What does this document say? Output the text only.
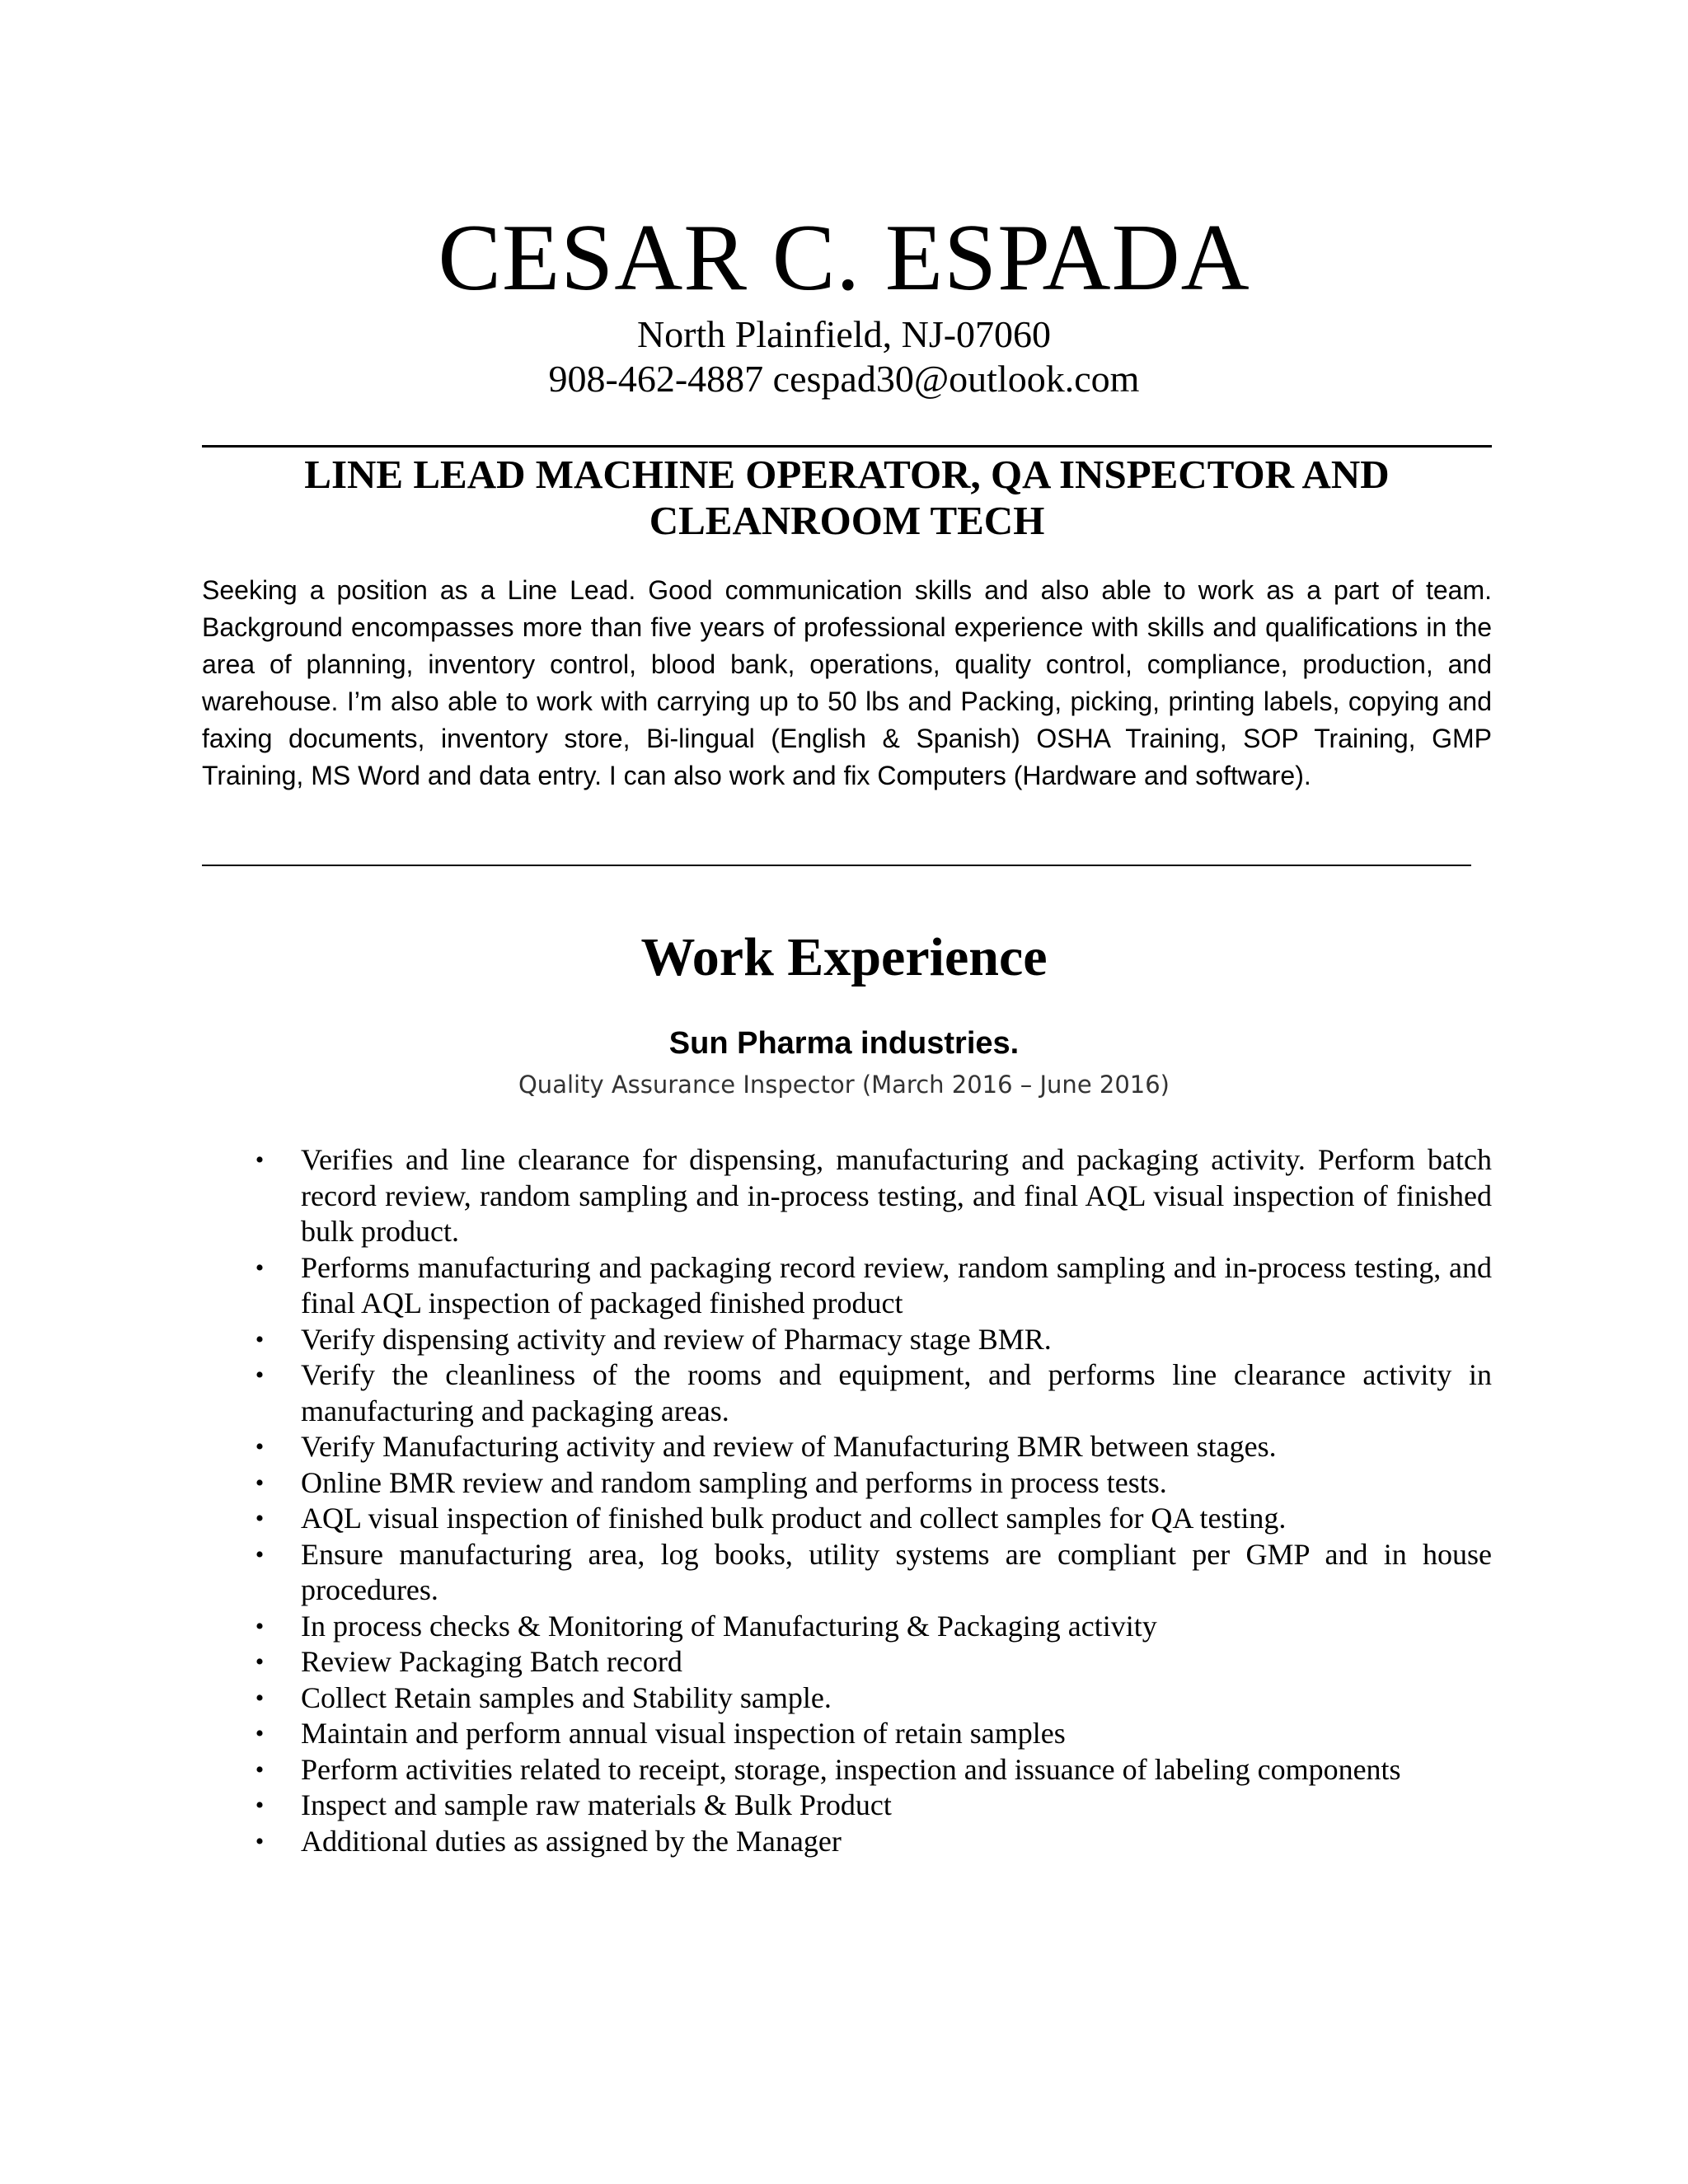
CESAR C. ESPADA

North Plainfield, NJ-07060

908-462-4887 cespad30@outlook.com

LINE LEAD MACHINE OPERATOR, QA INSPECTOR AND
CLEANROOM TECH

Seeking a position as a Line Lead. Good communication skills and also able to work as a part of team. Background encompasses more than five years of professional experience with skills and qualifications in the area of planning, inventory control, blood bank, operations, quality control, compliance, production, and warehouse. I’m also able to work with carrying up to 50 lbs and Packing, picking, printing labels, copying and faxing documents, inventory store, Bi-lingual (English & Spanish) OSHA Training, SOP Training, GMP Training, MS Word and data entry. I can also work and fix Computers (Hardware and software).

Work Experience
Sun Pharma industries.
Quality Assurance Inspector (March 2016 – June 2016)
• Verifies and line clearance for dispensing, manufacturing and packaging activity. Perform batch record review, random sampling and in-process testing, and final AQL visual inspection of finished bulk product.
• Performs manufacturing and packaging record review, random sampling and in-process testing, and final AQL inspection of packaged finished product
• Verify dispensing activity and review of Pharmacy stage BMR.
• Verify the cleanliness of the rooms and equipment, and performs line clearance activity in manufacturing and packaging areas.
• Verify Manufacturing activity and review of Manufacturing BMR between stages.
• Online BMR review and random sampling and performs in process tests.
• AQL visual inspection of finished bulk product and collect samples for QA testing.
• Ensure manufacturing area, log books, utility systems are compliant per GMP and in house procedures.
• In process checks & Monitoring of Manufacturing & Packaging activity
• Review Packaging Batch record
• Collect Retain samples and Stability sample.
• Maintain and perform annual visual inspection of retain samples
• Perform activities related to receipt, storage, inspection and issuance of labeling components
• Inspect and sample raw materials & Bulk Product
• Additional duties as assigned by the Manager
